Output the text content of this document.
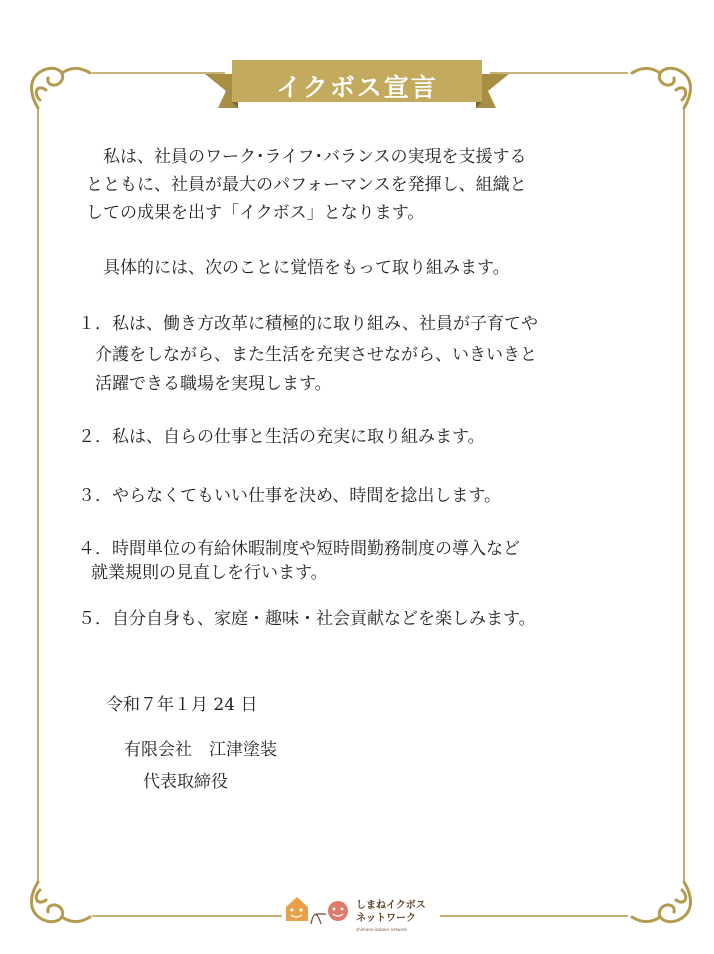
イクボス宣言
私は、社員のワーク･ライフ･バランスの実現を支援する
とともに、社員が最大のパフォーマンスを発揮し、組織と
しての成果を出す「イクボス」となります。
具体的には、次のことに覚悟をもって取り組みます。
１．私は、働き方改革に積極的に取り組み、社員が子育てや
介護をしながら、また生活を充実させながら、いきいきと
活躍できる職場を実現します。
２．私は、自らの仕事と生活の充実に取り組みます。
３．やらなくてもいい仕事を決め、時間を捻出します。
４．時間単位の有給休暇制度や短時間勤務制度の導入など
就業規則の見直しを行います。
５．自分自身も、家庭・趣味・社会貢献などを楽しみます。
令和７年１月 24 日
有限会社　江津塗装
代表取締役
しまねイクボス
ネットワーク
shimane ikuboss network
